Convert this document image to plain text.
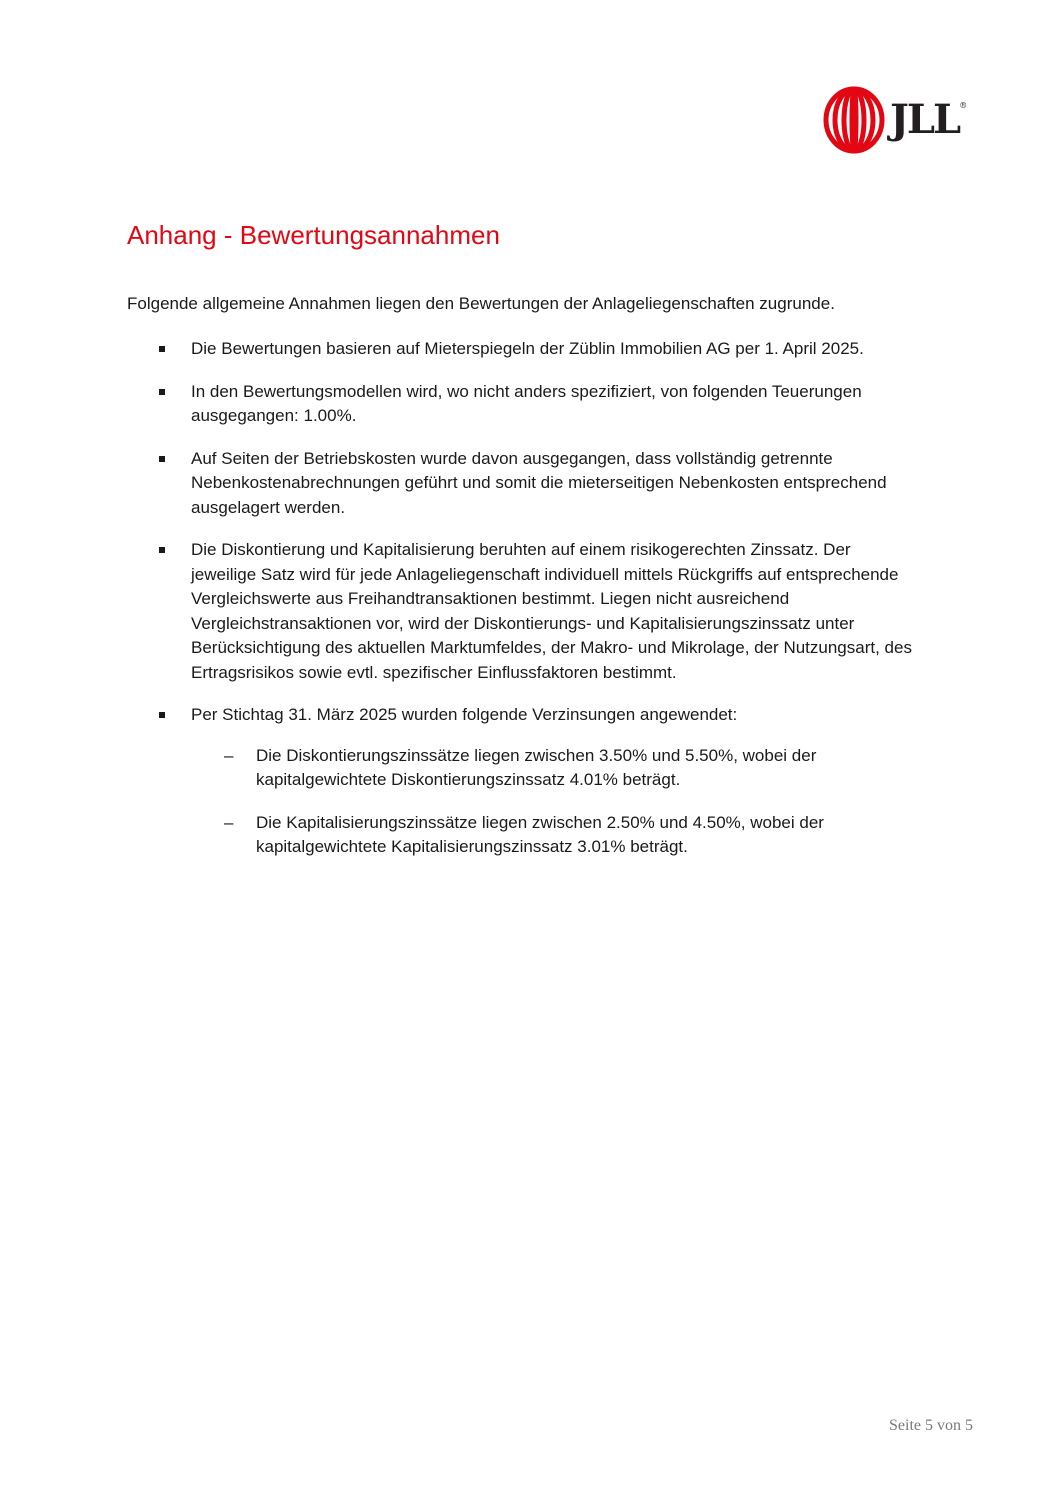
JLL ®
Anhang - Bewertungsannahmen

Folgende allgemeine Annahmen liegen den Bewertungen der Anlageliegenschaften zugrunde.

Die Bewertungen basieren auf Mieterspiegeln der Züblin Immobilien AG per 1. April 2025.
In den Bewertungsmodellen wird, wo nicht anders spezifiziert, von folgenden Teuerungen
ausgegangen: 1.00%.
Auf Seiten der Betriebskosten wurde davon ausgegangen, dass vollständig getrennte
Nebenkostenabrechnungen geführt und somit die mieterseitigen Nebenkosten entsprechend
ausgelagert werden.
Die Diskontierung und Kapitalisierung beruhten auf einem risikogerechten Zinssatz. Der
jeweilige Satz wird für jede Anlageliegenschaft individuell mittels Rückgriffs auf entsprechende
Vergleichswerte aus Freihandtransaktionen bestimmt. Liegen nicht ausreichend
Vergleichstransaktionen vor, wird der Diskontierungs- und Kapitalisierungszinssatz unter
Berücksichtigung des aktuellen Marktumfeldes, der Makro- und Mikrolage, der Nutzungsart, des
Ertragsrisikos sowie evtl. spezifischer Einflussfaktoren bestimmt.
Per Stichtag 31. März 2025 wurden folgende Verzinsungen angewendet:
– Die Diskontierungszinssätze liegen zwischen 3.50% und 5.50%, wobei der
kapitalgewichtete Diskontierungszinssatz 4.01% beträgt.
– Die Kapitalisierungszinssätze liegen zwischen 2.50% und 4.50%, wobei der
kapitalgewichtete Kapitalisierungszinssatz 3.01% beträgt.
Seite 5 von 5
